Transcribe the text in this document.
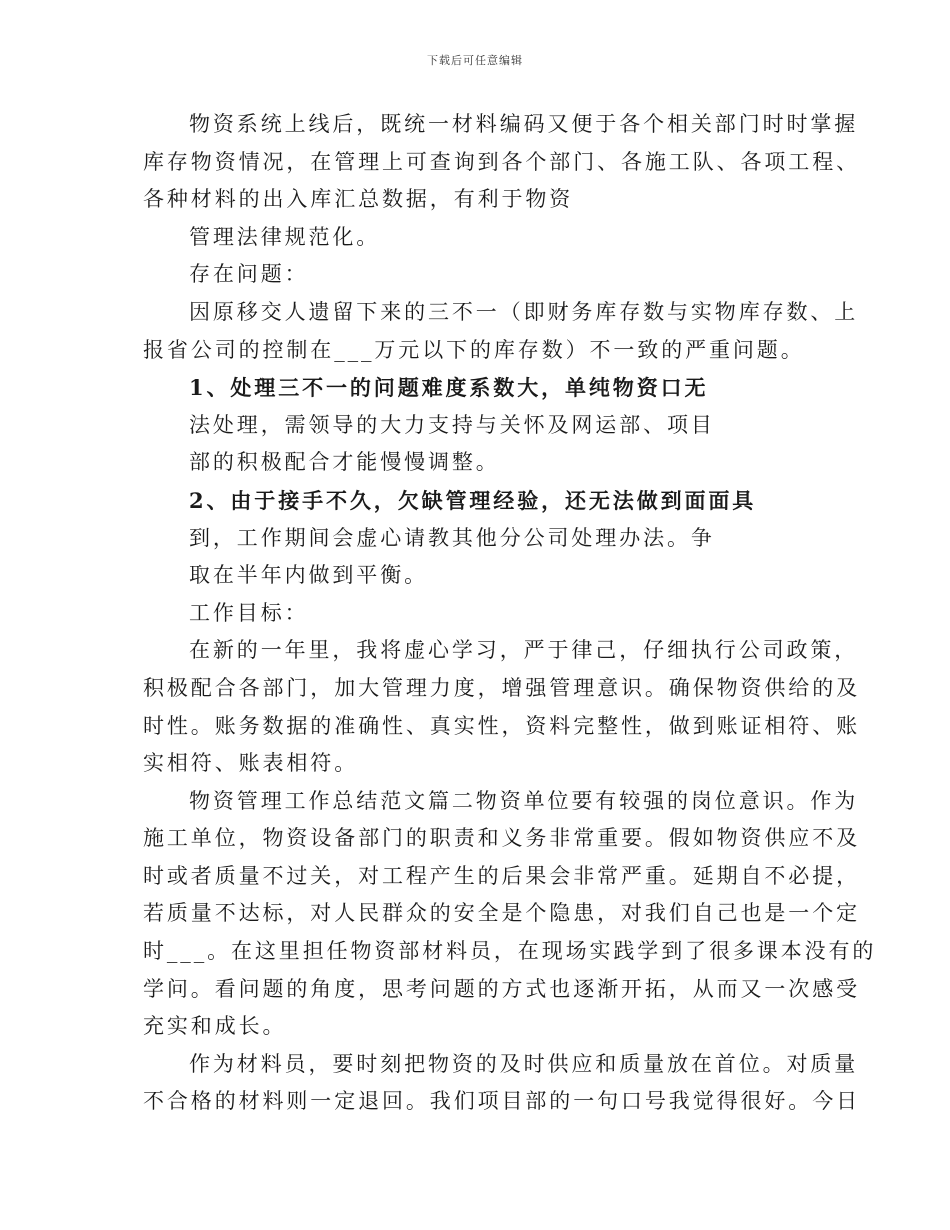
下载后可任意编辑
物资系统上线后，既统一材料编码又便于各个相关部门时时掌握
库存物资情况，在管理上可查询到各个部门、各施工队、各项工程、
各种材料的出入库汇总数据，有利于物资
管理法律规范化。
存在问题：
因原移交人遗留下来的三不一（即财务库存数与实物库存数、上
报省公司的控制在___万元以下的库存数）不一致的严重问题。
1、处理三不一的问题难度系数大，单纯物资口无
法处理，需领导的大力支持与关怀及网运部、项目
部的积极配合才能慢慢调整。
2、由于接手不久，欠缺管理经验，还无法做到面面具
到，工作期间会虚心请教其他分公司处理办法。争
取在半年内做到平衡。
工作目标：
在新的一年里，我将虚心学习，严于律己，仔细执行公司政策，
积极配合各部门，加大管理力度，增强管理意识。确保物资供给的及
时性。账务数据的准确性、真实性，资料完整性，做到账证相符、账
实相符、账表相符。
物资管理工作总结范文篇二物资单位要有较强的岗位意识。作为
施工单位，物资设备部门的职责和义务非常重要。假如物资供应不及
时或者质量不过关，对工程产生的后果会非常严重。延期自不必提，
若质量不达标，对人民群众的安全是个隐患，对我们自己也是一个定
时___。在这里担任物资部材料员，在现场实践学到了很多课本没有的
学问。看问题的角度，思考问题的方式也逐渐开拓，从而又一次感受
充实和成长。
作为材料员，要时刻把物资的及时供应和质量放在首位。对质量
不合格的材料则一定退回。我们项目部的一句口号我觉得很好。今日
